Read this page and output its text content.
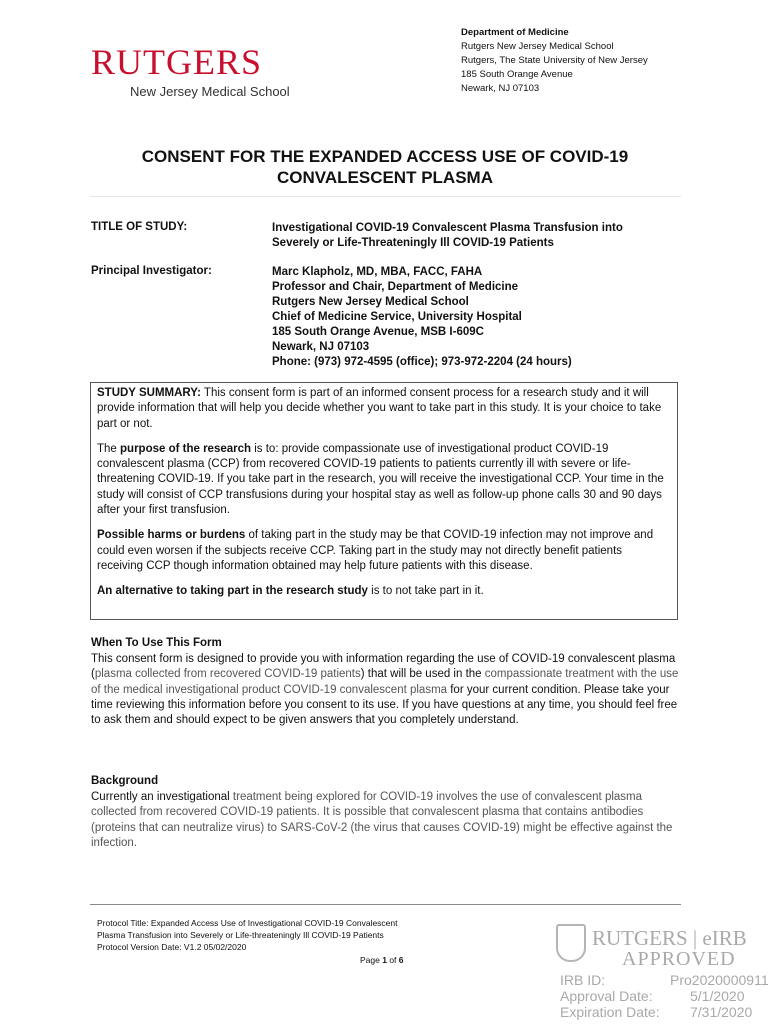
RUTGERS
New Jersey Medical School
Department of Medicine
Rutgers New Jersey Medical School
Rutgers, The State University of New Jersey
185 South Orange Avenue
Newark, NJ 07103
CONSENT FOR THE EXPANDED ACCESS USE OF COVID-19
CONVALESCENT PLASMA
TITLE OF STUDY:	Investigational COVID-19 Convalescent Plasma Transfusion into
Severely or Life-Threateningly Ill COVID-19 Patients
Principal Investigator:	Marc Klapholz, MD, MBA, FACC, FAHA
Professor and Chair, Department of Medicine
Rutgers New Jersey Medical School
Chief of Medicine Service, University Hospital
185 South Orange Avenue, MSB I-609C
Newark, NJ 07103
Phone: (973) 972-4595 (office); 973-972-2204 (24 hours)

STUDY SUMMARY: This consent form is part of an informed consent process for a research study and it will provide information that will help you decide whether you want to take part in this study. It is your choice to take part or not.

The purpose of the research is to: provide compassionate use of investigational product COVID-19 convalescent plasma (CCP) from recovered COVID-19 patients to patients currently ill with severe or life-threatening COVID-19. If you take part in the research, you will receive the investigational CCP. Your time in the study will consist of CCP transfusions during your hospital stay as well as follow-up phone calls 30 and 90 days after your first transfusion.

Possible harms or burdens of taking part in the study may be that COVID-19 infection may not improve and could even worsen if the subjects receive CCP. Taking part in the study may not directly benefit patients receiving CCP though information obtained may help future patients with this disease.

An alternative to taking part in the research study is to not take part in it.

When To Use This Form
This consent form is designed to provide you with information regarding the use of COVID-19 convalescent plasma (plasma collected from recovered COVID-19 patients) that will be used in the compassionate treatment with the use of the medical investigational product COVID-19 convalescent plasma for your current condition. Please take your time reviewing this information before you consent to its use. If you have questions at any time, you should feel free to ask them and should expect to be given answers that you completely understand.
Background
Currently an investigational treatment being explored for COVID-19 involves the use of convalescent plasma collected from recovered COVID-19 patients. It is possible that convalescent plasma that contains antibodies (proteins that can neutralize virus) to SARS-CoV-2 (the virus that causes COVID-19) might be effective against the infection.
Protocol Title: Expanded Access Use of Investigational COVID-19 Convalescent
Plasma Transfusion into Severely or Life-threateningly Ill COVID-19 Patients
Protocol Version Date: V1.2 05/02/2020
Page 1 of 6
RUTGERS | eIRB
APPROVED
IRB ID:	Pro2020000911
Approval Date:	5/1/2020
Expiration Date: 7/31/2020
